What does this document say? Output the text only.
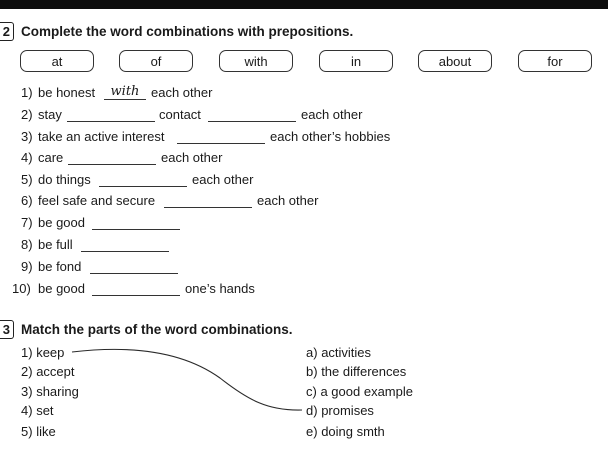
2 Complete the word combinations with prepositions.
at	of	with	in	about	for
1) be honest	with each other
2) stay	contact	each other
3) take an active interest	each other’s hobbies
4) care	each other
5) do things	each other
6) feel safe and secure	each other
7) be good
8) be full
9) be fond
10) be good	one’s hands
3 Match the parts of the word combinations.
1) keep
2) accept
3) sharing
4) set
5) like
a) activities
b) the differences
c) a good example
d) promises
e) doing smth
